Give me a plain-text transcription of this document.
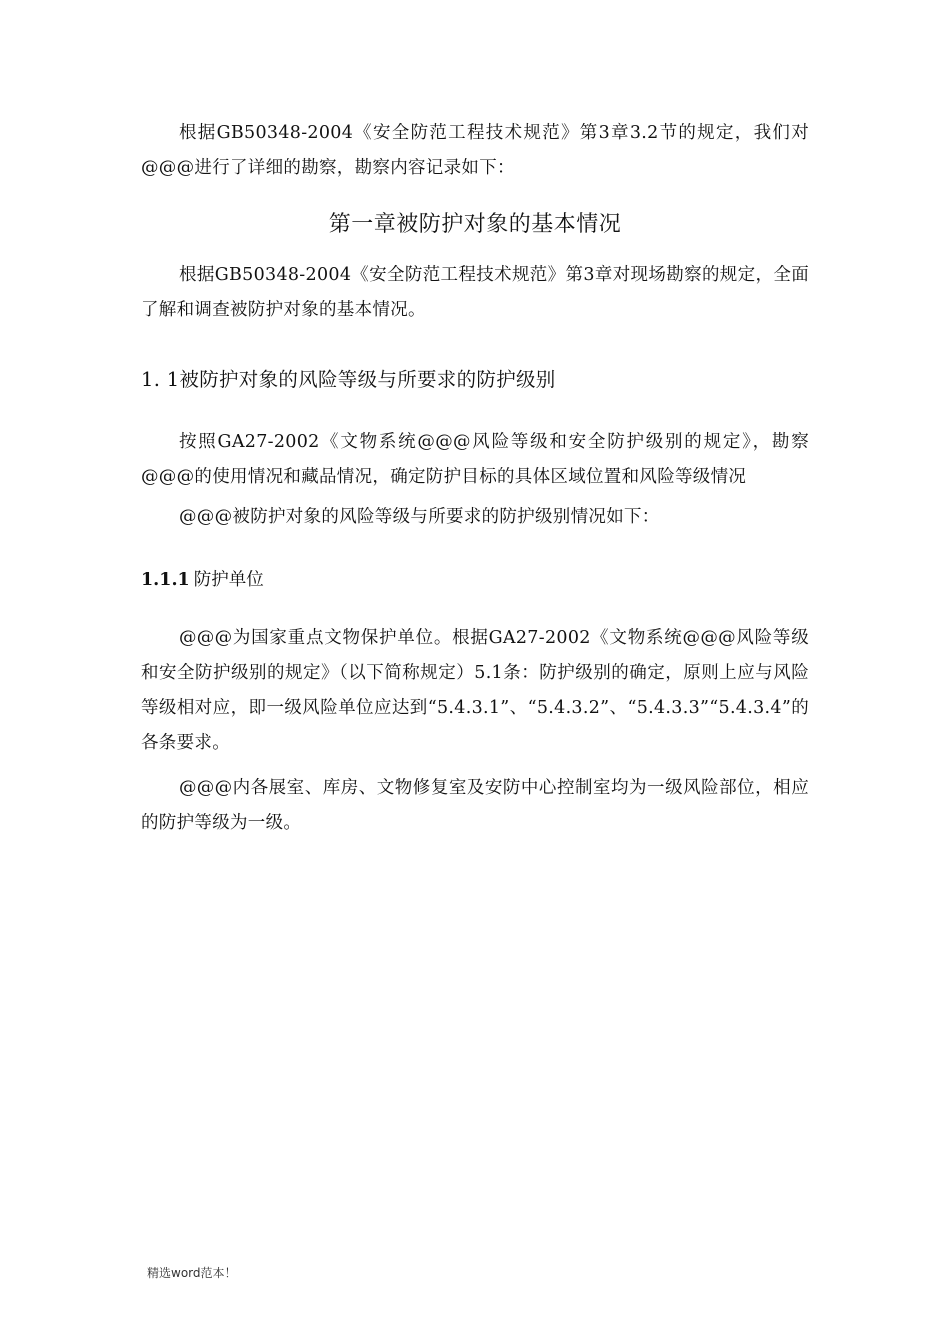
根据GB50348-2004《安全防范工程技术规范》第3章3.2节的规定，我们对@@@进行了详细的勘察，勘察内容记录如下：

第一章被防护对象的基本情况

根据GB50348-2004《安全防范工程技术规范》第3章对现场勘察的规定，全面了解和调查被防护对象的基本情况。

1. 1被防护对象的风险等级与所要求的防护级别

按照GA27-2002《文物系统@@@风险等级和安全防护级别的规定》，勘察@@@的使用情况和藏品情况，确定防护目标的具体区域位置和风险等级情况

@@@被防护对象的风险等级与所要求的防护级别情况如下：

1.1.1 防护单位

@@@为国家重点文物保护单位。根据GA27-2002《文物系统@@@风险等级和安全防护级别的规定》（以下简称规定）5.1条：防护级别的确定，原则上应与风险等级相对应，即一级风险单位应达到“5.4.3.1”、“5.4.3.2”、“5.4.3.3”“5.4.3.4”的各条要求。

@@@内各展室、库房、文物修复室及安防中心控制室均为一级风险部位，相应的防护等级为一级。

精选word范本！
